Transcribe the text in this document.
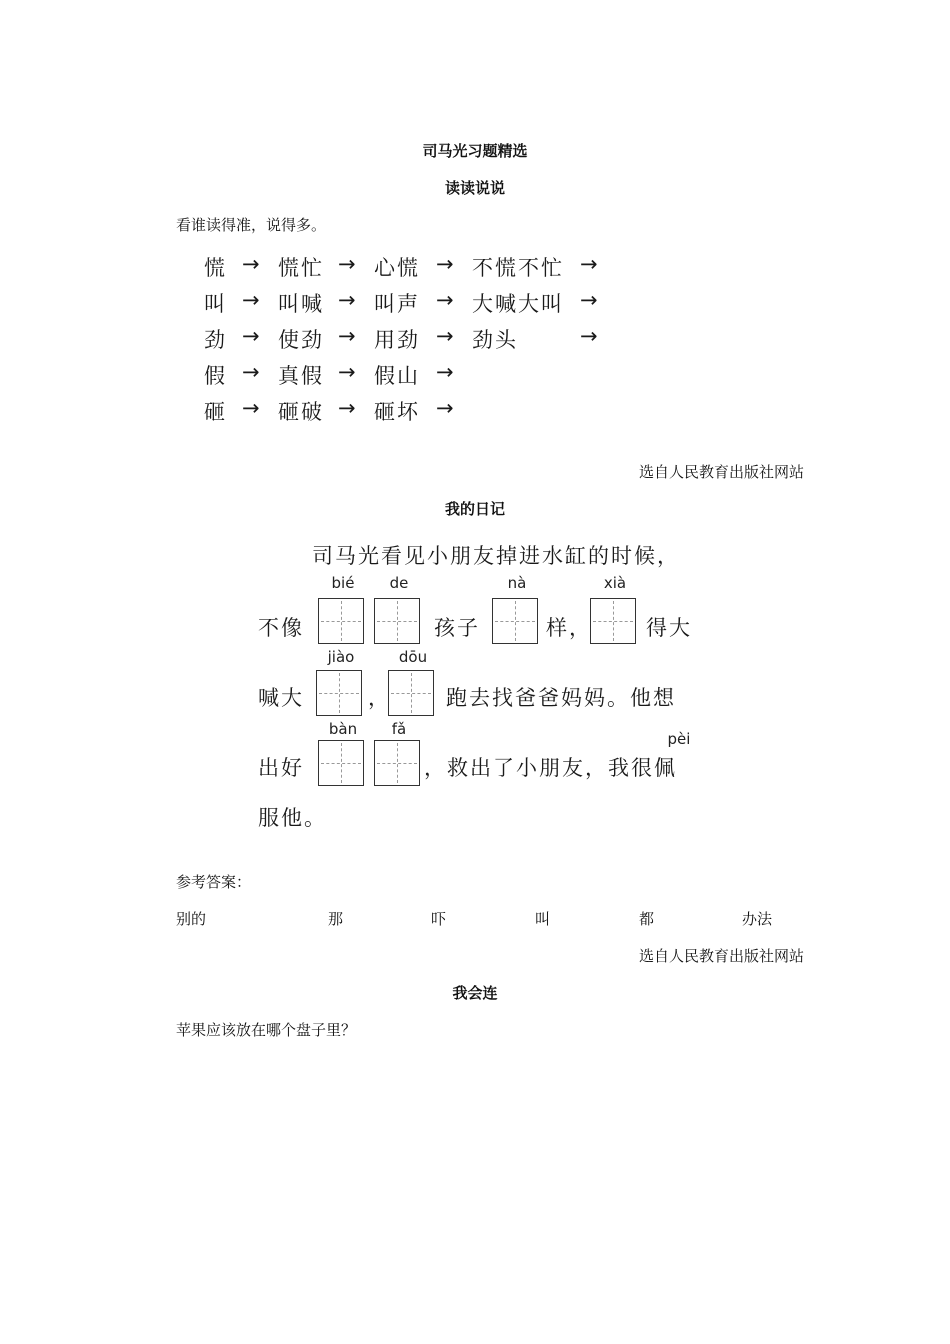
司马光习题精选
读读说说
看谁读得准，说得多。
慌 → 慌忙 → 心慌 → 不慌不忙 →
叫 → 叫喊 → 叫声 → 大喊大叫 →
劲 → 使劲 → 用劲 → 劲头	→
假 → 真假 → 假山 →
砸 → 砸破 → 砸坏 →
选自人民教育出版社网站
我的日记
司马光看见小朋友掉进水缸的时候，
不像
bié	de
孩子
nà
样，
xià
得大
喊大
jiào
，
dōu
跑去找爸爸妈妈。他想
出好
bàn	fǎ
，救出了小朋友，我很佩
pèi
服他。
参考答案：
别的	那	吓	叫	都	办法
选自人民教育出版社网站
我会连
苹果应该放在哪个盘子里？
